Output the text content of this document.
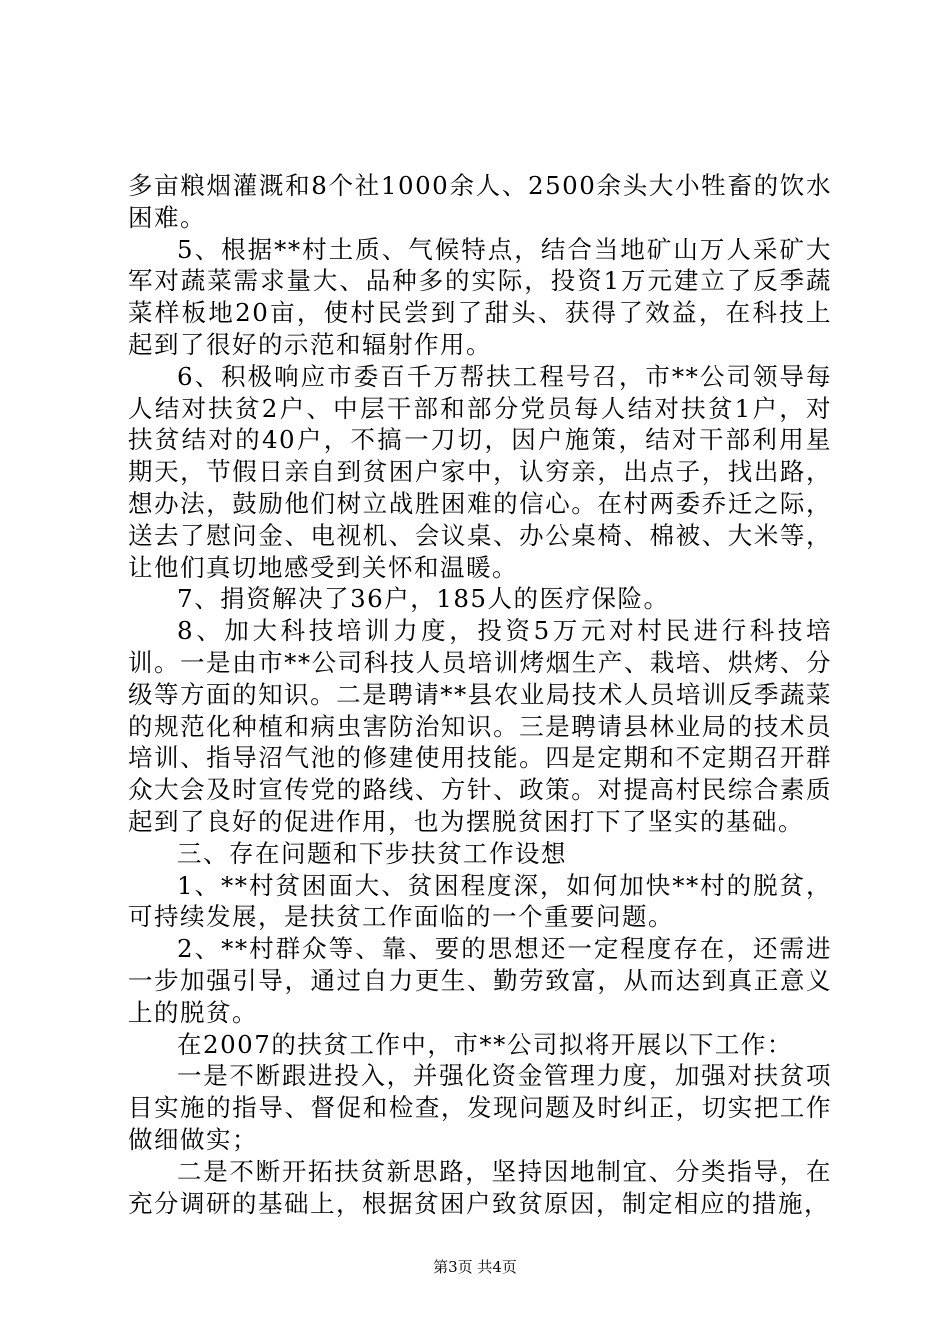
多亩粮烟灌溉和8个社1000余人、2500余头大小牲畜的饮水困难。

5、根据**村土质、气候特点，结合当地矿山万人采矿大军对蔬菜需求量大、品种多的实际，投资1万元建立了反季蔬菜样板地20亩，使村民尝到了甜头、获得了效益，在科技上起到了很好的示范和辐射作用。

6、积极响应市委百千万帮扶工程号召，市**公司领导每人结对扶贫2户、中层干部和部分党员每人结对扶贫1户，对扶贫结对的40户，不搞一刀切，因户施策，结对干部利用星期天，节假日亲自到贫困户家中，认穷亲，出点子，找出路，想办法，鼓励他们树立战胜困难的信心。在村两委乔迁之际，送去了慰问金、电视机、会议桌、办公桌椅、棉被、大米等，让他们真切地感受到关怀和温暖。

7、捐资解决了36户，185人的医疗保险。

8、加大科技培训力度，投资5万元对村民进行科技培训。一是由市**公司科技人员培训烤烟生产、栽培、烘烤、分级等方面的知识。二是聘请**县农业局技术人员培训反季蔬菜的规范化种植和病虫害防治知识。三是聘请县林业局的技术员培训、指导沼气池的修建使用技能。四是定期和不定期召开群众大会及时宣传党的路线、方针、政策。对提高村民综合素质起到了良好的促进作用，也为摆脱贫困打下了坚实的基础。

三、存在问题和下步扶贫工作设想

1、**村贫困面大、贫困程度深，如何加快**村的脱贫，可持续发展，是扶贫工作面临的一个重要问题。

2、**村群众等、靠、要的思想还一定程度存在，还需进一步加强引导，通过自力更生、勤劳致富，从而达到真正意义上的脱贫。

在2007的扶贫工作中，市**公司拟将开展以下工作：

一是不断跟进投入，并强化资金管理力度，加强对扶贫项目实施的指导、督促和检查，发现问题及时纠正，切实把工作做细做实；

二是不断开拓扶贫新思路，坚持因地制宜、分类指导，在充分调研的基础上，根据贫困户致贫原因，制定相应的措施，

第3页 共4页
